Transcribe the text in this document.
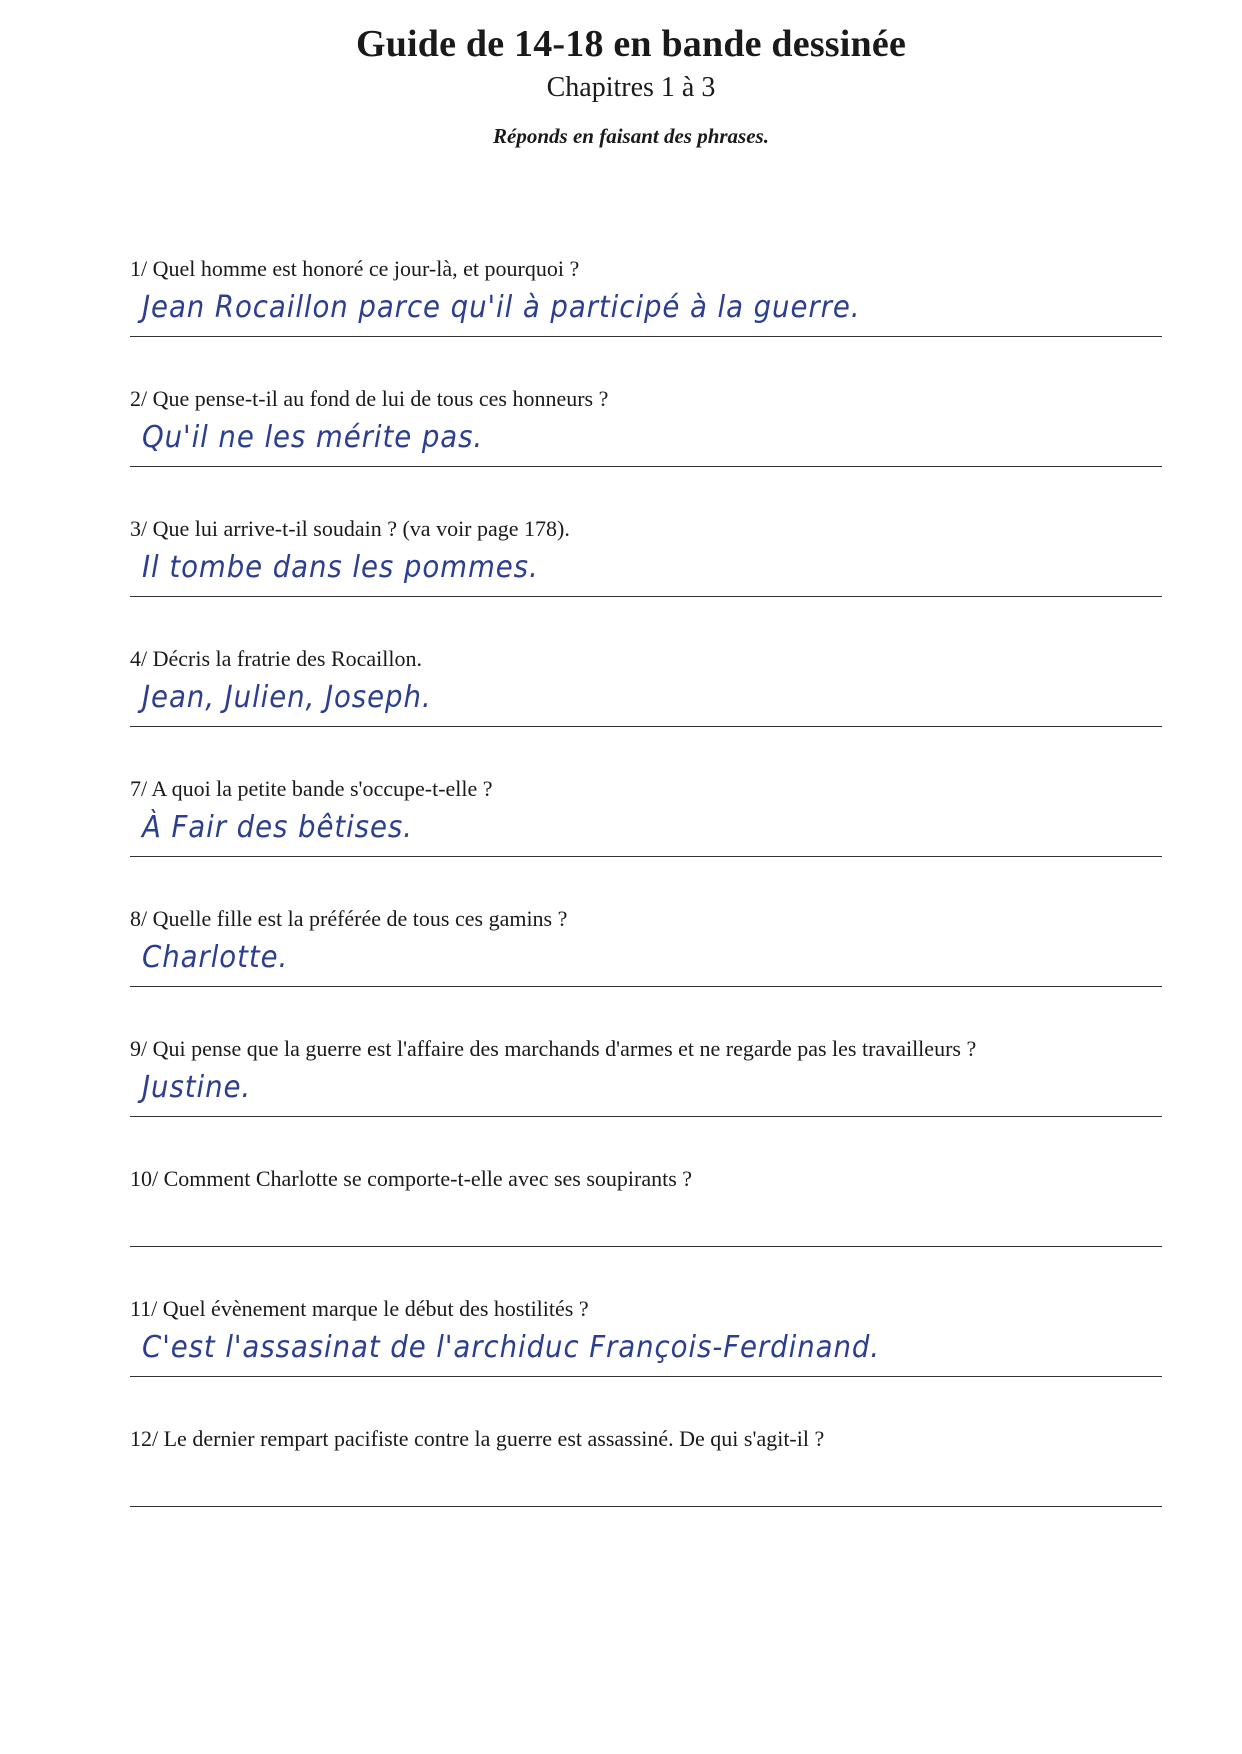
Guide de 14-18 en bande dessinée
Chapitres 1 à 3
Réponds en faisant des phrases.
1/ Quel homme est honoré ce jour-là, et pourquoi ?
Jean Rocaillon parce qu'il à participé à la guerre.
2/ Que pense-t-il au fond de lui de tous ces honneurs ?
Qu'il ne les mérite pas.
3/ Que lui arrive-t-il soudain ? (va voir page 178).
Il tombe dans les pommes.
4/ Décris la fratrie des Rocaillon.
Jean, Julien, Joseph.
7/ A quoi la petite bande s'occupe-t-elle ?
À Fair des bêtises.
8/ Quelle fille est la préférée de tous ces gamins ?
Charlotte.
9/ Qui pense que la guerre est l'affaire des marchands d'armes et ne regarde pas les travailleurs ?
Justine.
10/ Comment Charlotte se comporte-t-elle avec ses soupirants ?
11/ Quel évènement marque le début des hostilités ?
C'est l'assasinat de l'archiduc François-Ferdinand.
12/ Le dernier rempart pacifiste contre la guerre est assassiné. De qui s'agit-il ?
